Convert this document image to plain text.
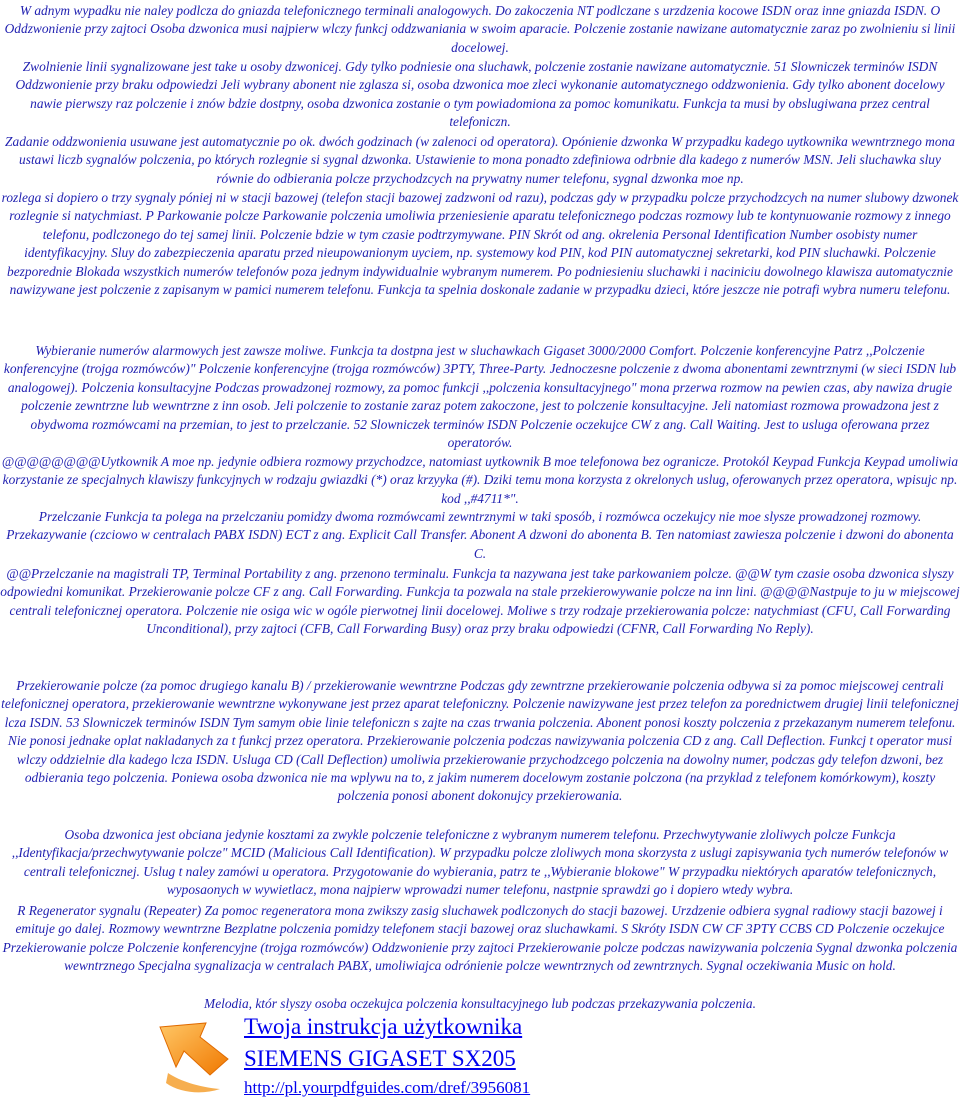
W adnym wypadku nie naley podlcza do gniazda telefonicznego terminali analogowych. Do zakoczenia NT podlczane s urzdzenia kocowe ISDN oraz inne gniazda ISDN. O Oddzwonienie przy zajtoci Osoba dzwonica musi najpierw wlczy funkcj oddzwaniania w swoim aparacie. Polczenie zostanie nawizane automatycznie zaraz po zwolnieniu si linii docelowej.

Zwolnienie linii sygnalizowane jest take u osoby dzwonicej. Gdy tylko podniesie ona sluchawk, polczenie zostanie nawizane automatycznie. 51 Slowniczek terminów ISDN Oddzwonienie przy braku odpowiedzi Jeli wybrany abonent nie zglasza si, osoba dzwonica moe zleci wykonanie automatycznego oddzwonienia. Gdy tylko abonent docelowy nawie pierwszy raz polczenie i znów bdzie dostpny, osoba dzwonica zostanie o tym powiadomiona za pomoc komunikatu. Funkcja ta musi by obslugiwana przez central telefoniczn.

Zadanie oddzwonienia usuwane jest automatycznie po ok. dwóch godzinach (w zalenoci od operatora). Opónienie dzwonka W przypadku kadego uytkownika wewntrznego mona ustawi liczb sygnalów polczenia, po których rozlegnie si sygnal dzwonka. Ustawienie to mona ponadto zdefiniowa odrbnie dla kadego z numerów MSN. Jeli sluchawka sluy równie do odbierania polcze przychodzcych na prywatny numer telefonu, sygnal dzwonka moe np.

rozlega si dopiero o trzy sygnaly póniej ni w stacji bazowej (telefon stacji bazowej zadzwoni od razu), podczas gdy w przypadku polcze przychodzcych na numer slubowy dzwonek rozlegnie si natychmiast. P Parkowanie polcze Parkowanie polczenia umoliwia przeniesienie aparatu telefonicznego podczas rozmowy lub te kontynuowanie rozmowy z innego telefonu, podlczonego do tej samej linii. Polczenie bdzie w tym czasie podtrzymywane. PIN Skrót od ang. okrelenia Personal Identification Number osobisty numer identyfikacyjny. Sluy do zabezpieczenia aparatu przed nieupowanionym uyciem, np. systemowy kod PIN, kod PIN automatycznej sekretarki, kod PIN sluchawki. Polczenie bezporednie Blokada wszystkich numerów telefonów poza jednym indywidualnie wybranym numerem. Po podniesieniu sluchawki i naciniciu dowolnego klawisza automatycznie nawizywane jest polczenie z zapisanym w pamici numerem telefonu. Funkcja ta spelnia doskonale zadanie w przypadku dzieci, które jeszcze nie potrafi wybra numeru telefonu.

Wybieranie numerów alarmowych jest zawsze moliwe. Funkcja ta dostpna jest w sluchawkach Gigaset 3000/2000 Comfort. Polczenie konferencyjne Patrz ,,Polczenie konferencyjne (trojga rozmówców)" Polczenie konferencyjne (trojga rozmówców) 3PTY, Three-Party. Jednoczesne polczenie z dwoma abonentami zewntrznymi (w sieci ISDN lub analogowej). Polczenia konsultacyjne Podczas prowadzonej rozmowy, za pomoc funkcji ,,polczenia konsultacyjnego" mona przerwa rozmow na pewien czas, aby nawiza drugie polczenie zewntrzne lub wewntrzne z inn osob. Jeli polczenie to zostanie zaraz potem zakoczone, jest to polczenie konsultacyjne. Jeli natomiast rozmowa prowadzona jest z obydwoma rozmówcami na przemian, to jest to przelczanie. 52 Slowniczek terminów ISDN Polczenie oczekujce CW z ang. Call Waiting. Jest to usluga oferowana przez operatorów.

@@@@@@@@Uytkownik A moe np. jedynie odbiera rozmowy przychodzce, natomiast uytkownik B moe telefonowa bez ogranicze. Protokól Keypad Funkcja Keypad umoliwia korzystanie ze specjalnych klawiszy funkcyjnych w rodzaju gwiazdki (*) oraz krzyyka (#). Dziki temu mona korzysta z okrelonych uslug, oferowanych przez operatora, wpisujc np. kod ,,#4711*".

Przelczanie Funkcja ta polega na przelczaniu pomidzy dwoma rozmówcami zewntrznymi w taki sposób, i rozmówca oczekujcy nie moe slysze prowadzonej rozmowy. Przekazywanie (czciowo w centralach PABX ISDN) ECT z ang. Explicit Call Transfer. Abonent A dzwoni do abonenta B. Ten natomiast zawiesza polczenie i dzwoni do abonenta C.

@@Przelczanie na magistrali TP, Terminal Portability z ang. przenono terminalu. Funkcja ta nazywana jest take parkowaniem polcze. @@W tym czasie osoba dzwonica slyszy odpowiedni komunikat. Przekierowanie polcze CF z ang. Call Forwarding. Funkcja ta pozwala na stale przekierowywanie polcze na inn lini. @@@@Nastpuje to ju w miejscowej centrali telefonicznej operatora. Polczenie nie osiga wic w ogóle pierwotnej linii docelowej. Moliwe s trzy rodzaje przekierowania polcze: natychmiast (CFU, Call Forwarding Unconditional), przy zajtoci (CFB, Call Forwarding Busy) oraz przy braku odpowiedzi (CFNR, Call Forwarding No Reply).

Przekierowanie polcze (za pomoc drugiego kanalu B) / przekierowanie wewntrzne Podczas gdy zewntrzne przekierowanie polczenia odbywa si za pomoc miejscowej centrali telefonicznej operatora, przekierowanie wewntrzne wykonywane jest przez aparat telefoniczny. Polczenie nawizywane jest przez telefon za porednictwem drugiej linii telefonicznej lcza ISDN. 53 Slowniczek terminów ISDN Tym samym obie linie telefoniczn s zajte na czas trwania polczenia. Abonent ponosi koszty polczenia z przekazanym numerem telefonu. Nie ponosi jednake oplat nakladanych za t funkcj przez operatora. Przekierowanie polczenia podczas nawizywania polczenia CD z ang. Call Deflection. Funkcj t operator musi wlczy oddzielnie dla kadego lcza ISDN. Usluga CD (Call Deflection) umoliwia przekierowanie przychodzcego polczenia na dowolny numer, podczas gdy telefon dzwoni, bez odbierania tego polczenia. Poniewa osoba dzwonica nie ma wplywu na to, z jakim numerem docelowym zostanie polczona (na przyklad z telefonem komórkowym), koszty polczenia ponosi abonent dokonujcy przekierowania.

Osoba dzwonica jest obciana jedynie kosztami za zwykle polczenie telefoniczne z wybranym numerem telefonu. Przechwytywanie zloliwych polcze Funkcja ,,Identyfikacja/przechwytywanie polcze" MCID (Malicious Call Identification). W przypadku polcze zloliwych mona skorzysta z uslugi zapisywania tych numerów telefonów w centrali telefonicznej. Uslug t naley zamówi u operatora. Przygotowanie do wybierania, patrz te ,,Wybieranie blokowe" W przypadku niektórych aparatów telefonicznych, wyposaonych w wywietlacz, mona najpierw wprowadzi numer telefonu, nastpnie sprawdzi go i dopiero wtedy wybra.

R Regenerator sygnalu (Repeater) Za pomoc regeneratora mona zwikszy zasig sluchawek podlczonych do stacji bazowej. Urzdzenie odbiera sygnal radiowy stacji bazowej i emituje go dalej. Rozmowy wewntrzne Bezplatne polczenia pomidzy telefonem stacji bazowej oraz sluchawkami. S Skróty ISDN CW CF 3PTY CCBS CD Polczenie oczekujce Przekierowanie polcze Polczenie konferencyjne (trojga rozmówców) Oddzwonienie przy zajtoci Przekierowanie polcze podczas nawizywania polczenia Sygnal dzwonka polczenia wewntrznego Specjalna sygnalizacja w centralach PABX, umoliwiajca odrónienie polcze wewntrznych od zewntrznych. Sygnal oczekiwania Music on hold.

Melodia, któr slyszy osoba oczekujca polczenia konsultacyjnego lub podczas przekazywania polczenia.

Twoja instrukcja użytkownika
SIEMENS GIGASET SX205
http://pl.yourpdfguides.com/dref/3956081
